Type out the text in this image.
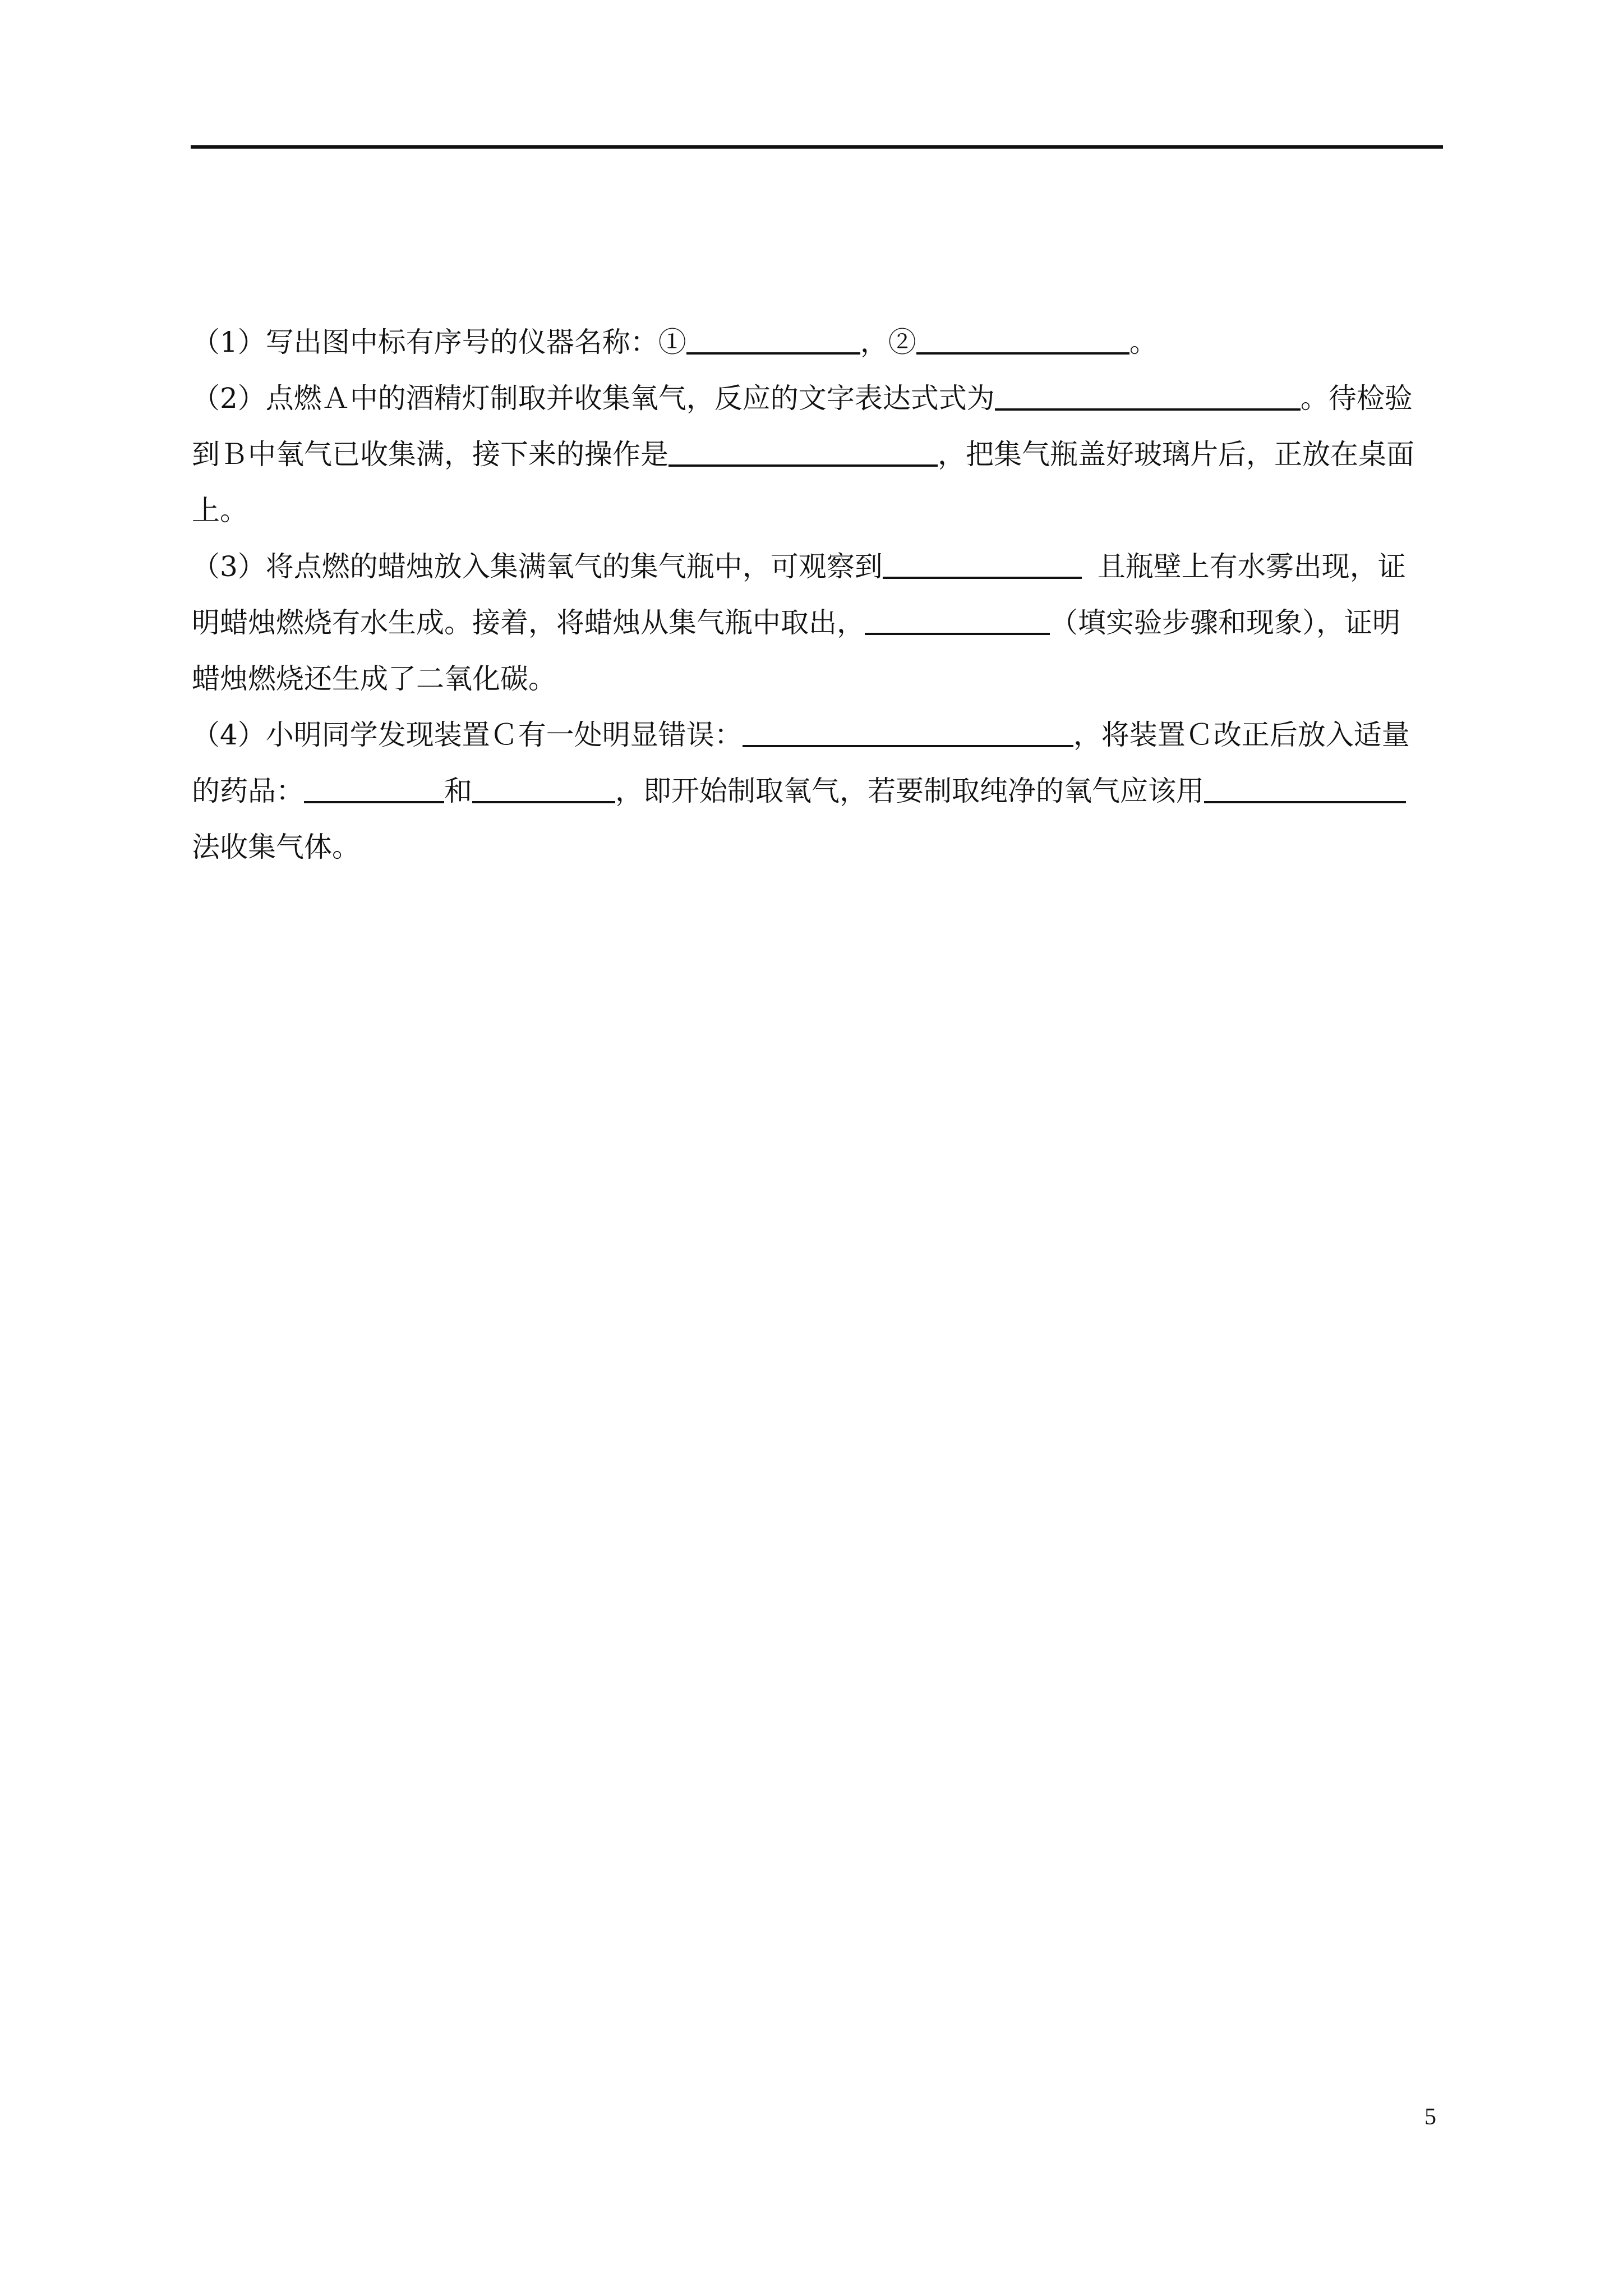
（1）写出图中标有序号的仪器名称：①	，②	。
（2）点燃Ａ中的酒精灯制取并收集氧气，反应的文字表达式式为	。待检验
到Ｂ中氧气已收集满，接下来的操作是	，把集气瓶盖好玻璃片后，正放在桌面
上。
（3）将点燃的蜡烛放入集满氧气的集气瓶中，可观察到	且瓶壁上有水雾出现，证
明蜡烛燃烧有水生成。接着，将蜡烛从集气瓶中取出，	（填实验步骤和现象），证明
蜡烛燃烧还生成了二氧化碳。
（4）小明同学发现装置Ｃ有一处明显错误：	，将装置Ｃ改正后放入适量
的药品：	和	，即开始制取氧气，若要制取纯净的氧气应该用
法收集气体。
5
